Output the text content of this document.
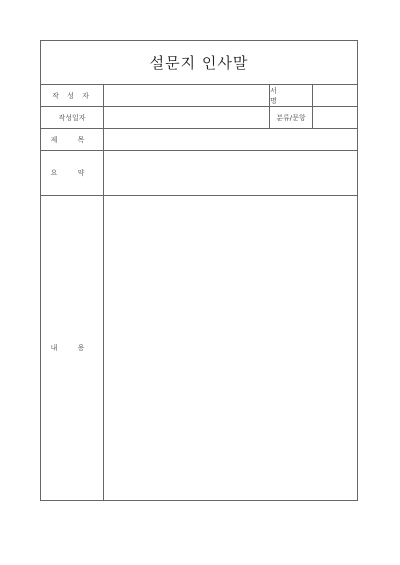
설문지 인사말
작 성 자
서 명
작성일자	분류/문항
제 목
요 약
내 용
